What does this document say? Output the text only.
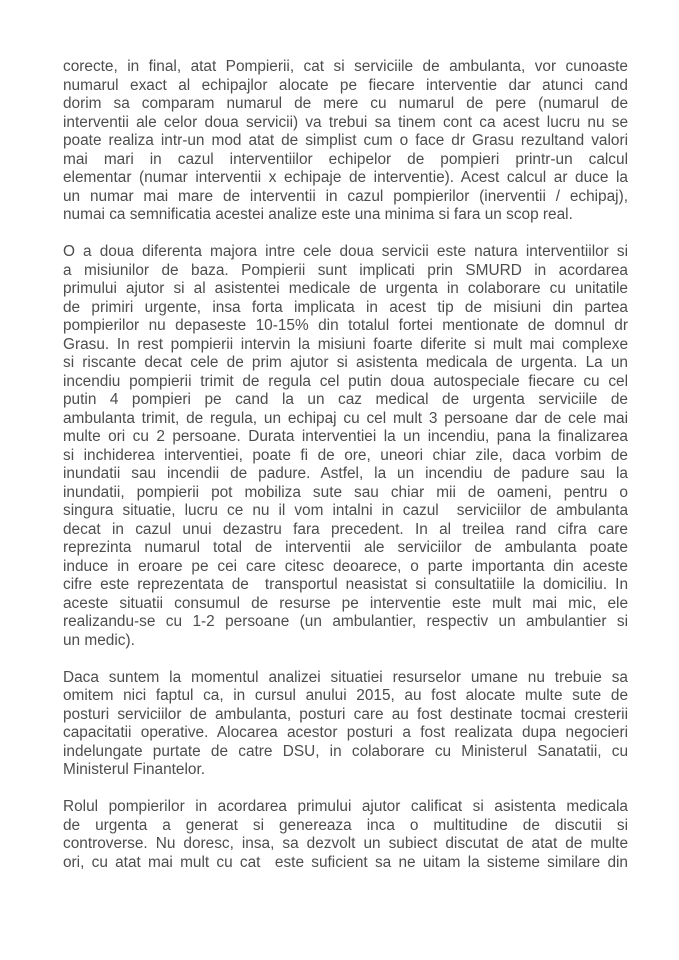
corecte, in final, atat Pompierii, cat si serviciile de ambulanta, vor cunoaste
numarul exact al echipajlor alocate pe fiecare interventie dar atunci cand
dorim sa comparam numarul de mere cu numarul de pere (numarul de
interventii ale celor doua servicii) va trebui sa tinem cont ca acest lucru nu se
poate realiza intr-un mod atat de simplist cum o face dr Grasu rezultand valori
mai mari in cazul interventiilor echipelor de pompieri printr-un calcul
elementar (numar interventii x echipaje de interventie). Acest calcul ar duce la
un numar mai mare de interventii in cazul pompierilor (inerventii / echipaj),
numai ca semnificatia acestei analize este una minima si fara un scop real.
O a doua diferenta majora intre cele doua servicii este natura interventiilor si
a misiunilor de baza. Pompierii sunt implicati prin SMURD in acordarea
primului ajutor si al asistentei medicale de urgenta in colaborare cu unitatile
de primiri urgente, insa forta implicata in acest tip de misiuni din partea
pompierilor nu depaseste 10-15% din totalul fortei mentionate de domnul dr
Grasu. In rest pompierii intervin la misiuni foarte diferite si mult mai complexe
si riscante decat cele de prim ajutor si asistenta medicala de urgenta. La un
incendiu pompierii trimit de regula cel putin doua autospeciale fiecare cu cel
putin 4 pompieri pe cand la un caz medical de urgenta serviciile de
ambulanta trimit, de regula, un echipaj cu cel mult 3 persoane dar de cele mai
multe ori cu 2 persoane. Durata interventiei la un incendiu, pana la finalizarea
si inchiderea interventiei, poate fi de ore, uneori chiar zile, daca vorbim de
inundatii sau incendii de padure. Astfel, la un incendiu de padure sau la
inundatii, pompierii pot mobiliza sute sau chiar mii de oameni, pentru o
singura situatie, lucru ce nu il vom intalni in cazul  serviciilor de ambulanta
decat in cazul unui dezastru fara precedent. In al treilea rand cifra care
reprezinta numarul total de interventii ale serviciilor de ambulanta poate
induce in eroare pe cei care citesc deoarece, o parte importanta din aceste
cifre este reprezentata de  transportul neasistat si consultatiile la domiciliu. In
aceste situatii consumul de resurse pe interventie este mult mai mic, ele
realizandu-se cu 1-2 persoane (un ambulantier, respectiv un ambulantier si
un medic).
Daca suntem la momentul analizei situatiei resurselor umane nu trebuie sa
omitem nici faptul ca, in cursul anului 2015, au fost alocate multe sute de
posturi serviciilor de ambulanta, posturi care au fost destinate tocmai cresterii
capacitatii operative. Alocarea acestor posturi a fost realizata dupa negocieri
indelungate purtate de catre DSU, in colaborare cu Ministerul Sanatatii, cu
Ministerul Finantelor.
Rolul pompierilor in acordarea primului ajutor calificat si asistenta medicala
de urgenta a generat si genereaza inca o multitudine de discutii si
controverse. Nu doresc, insa, sa dezvolt un subiect discutat de atat de multe
ori, cu atat mai mult cu cat  este suficient sa ne uitam la sisteme similare din
